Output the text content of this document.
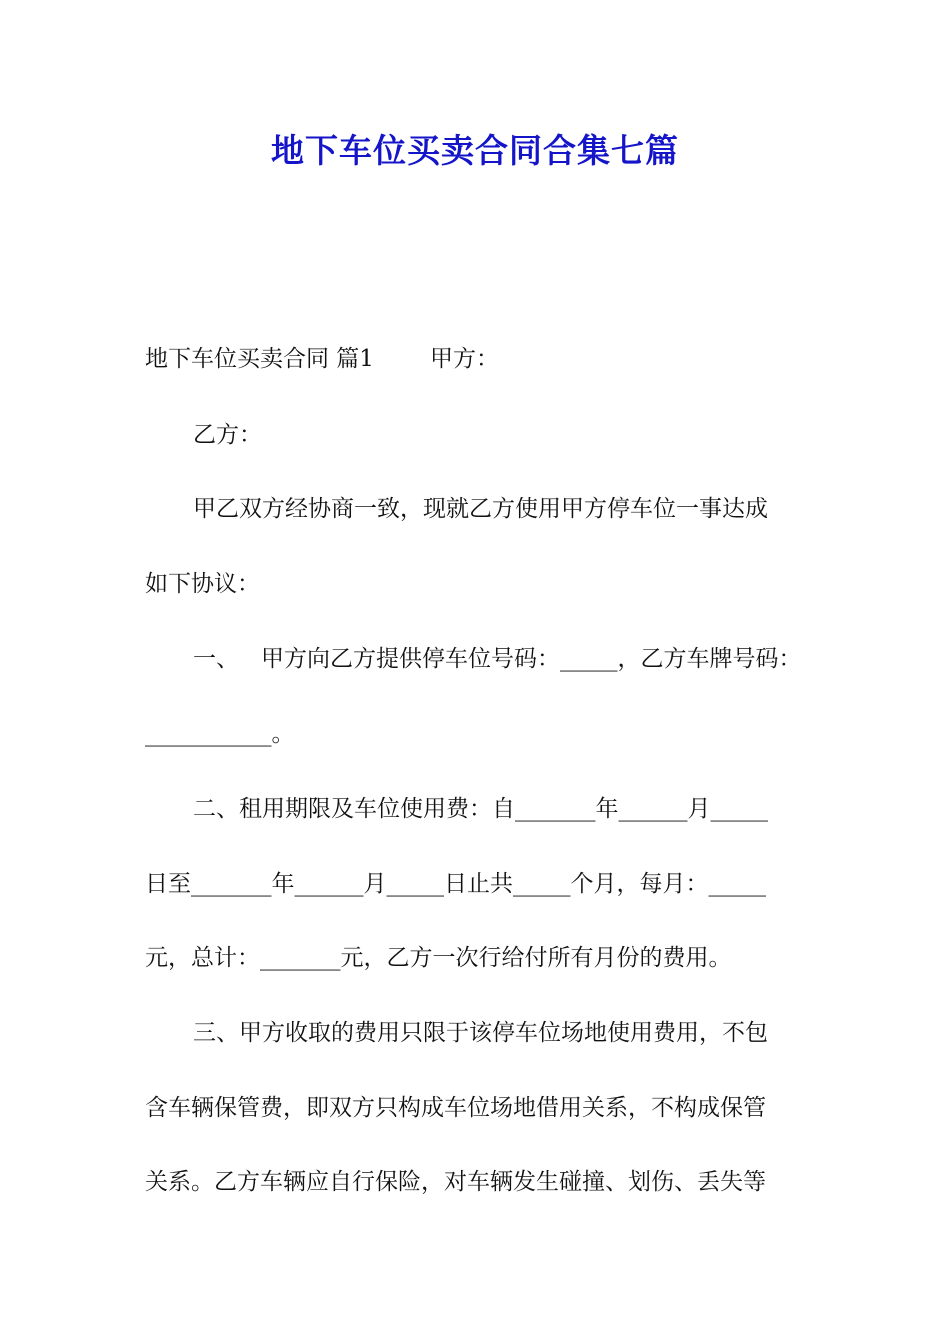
地下车位买卖合同合集七篇
地下车位买卖合同 篇1 甲方：
乙方：
甲乙双方经协商一致，现就乙方使用甲方停车位一事达成
如下协议：
一、 甲方向乙方提供停车位号码：_____，乙方车牌号码：
___________。
二、租用期限及车位使用费：自_______年______月_____
日至_______年______月_____日止共_____个月，每月：_____
元，总计：_______元，乙方一次行给付所有月份的费用。
三、甲方收取的费用只限于该停车位场地使用费用，不包
含车辆保管费，即双方只构成车位场地借用关系，不构成保管
关系。乙方车辆应自行保险，对车辆发生碰撞、划伤、丢失等
